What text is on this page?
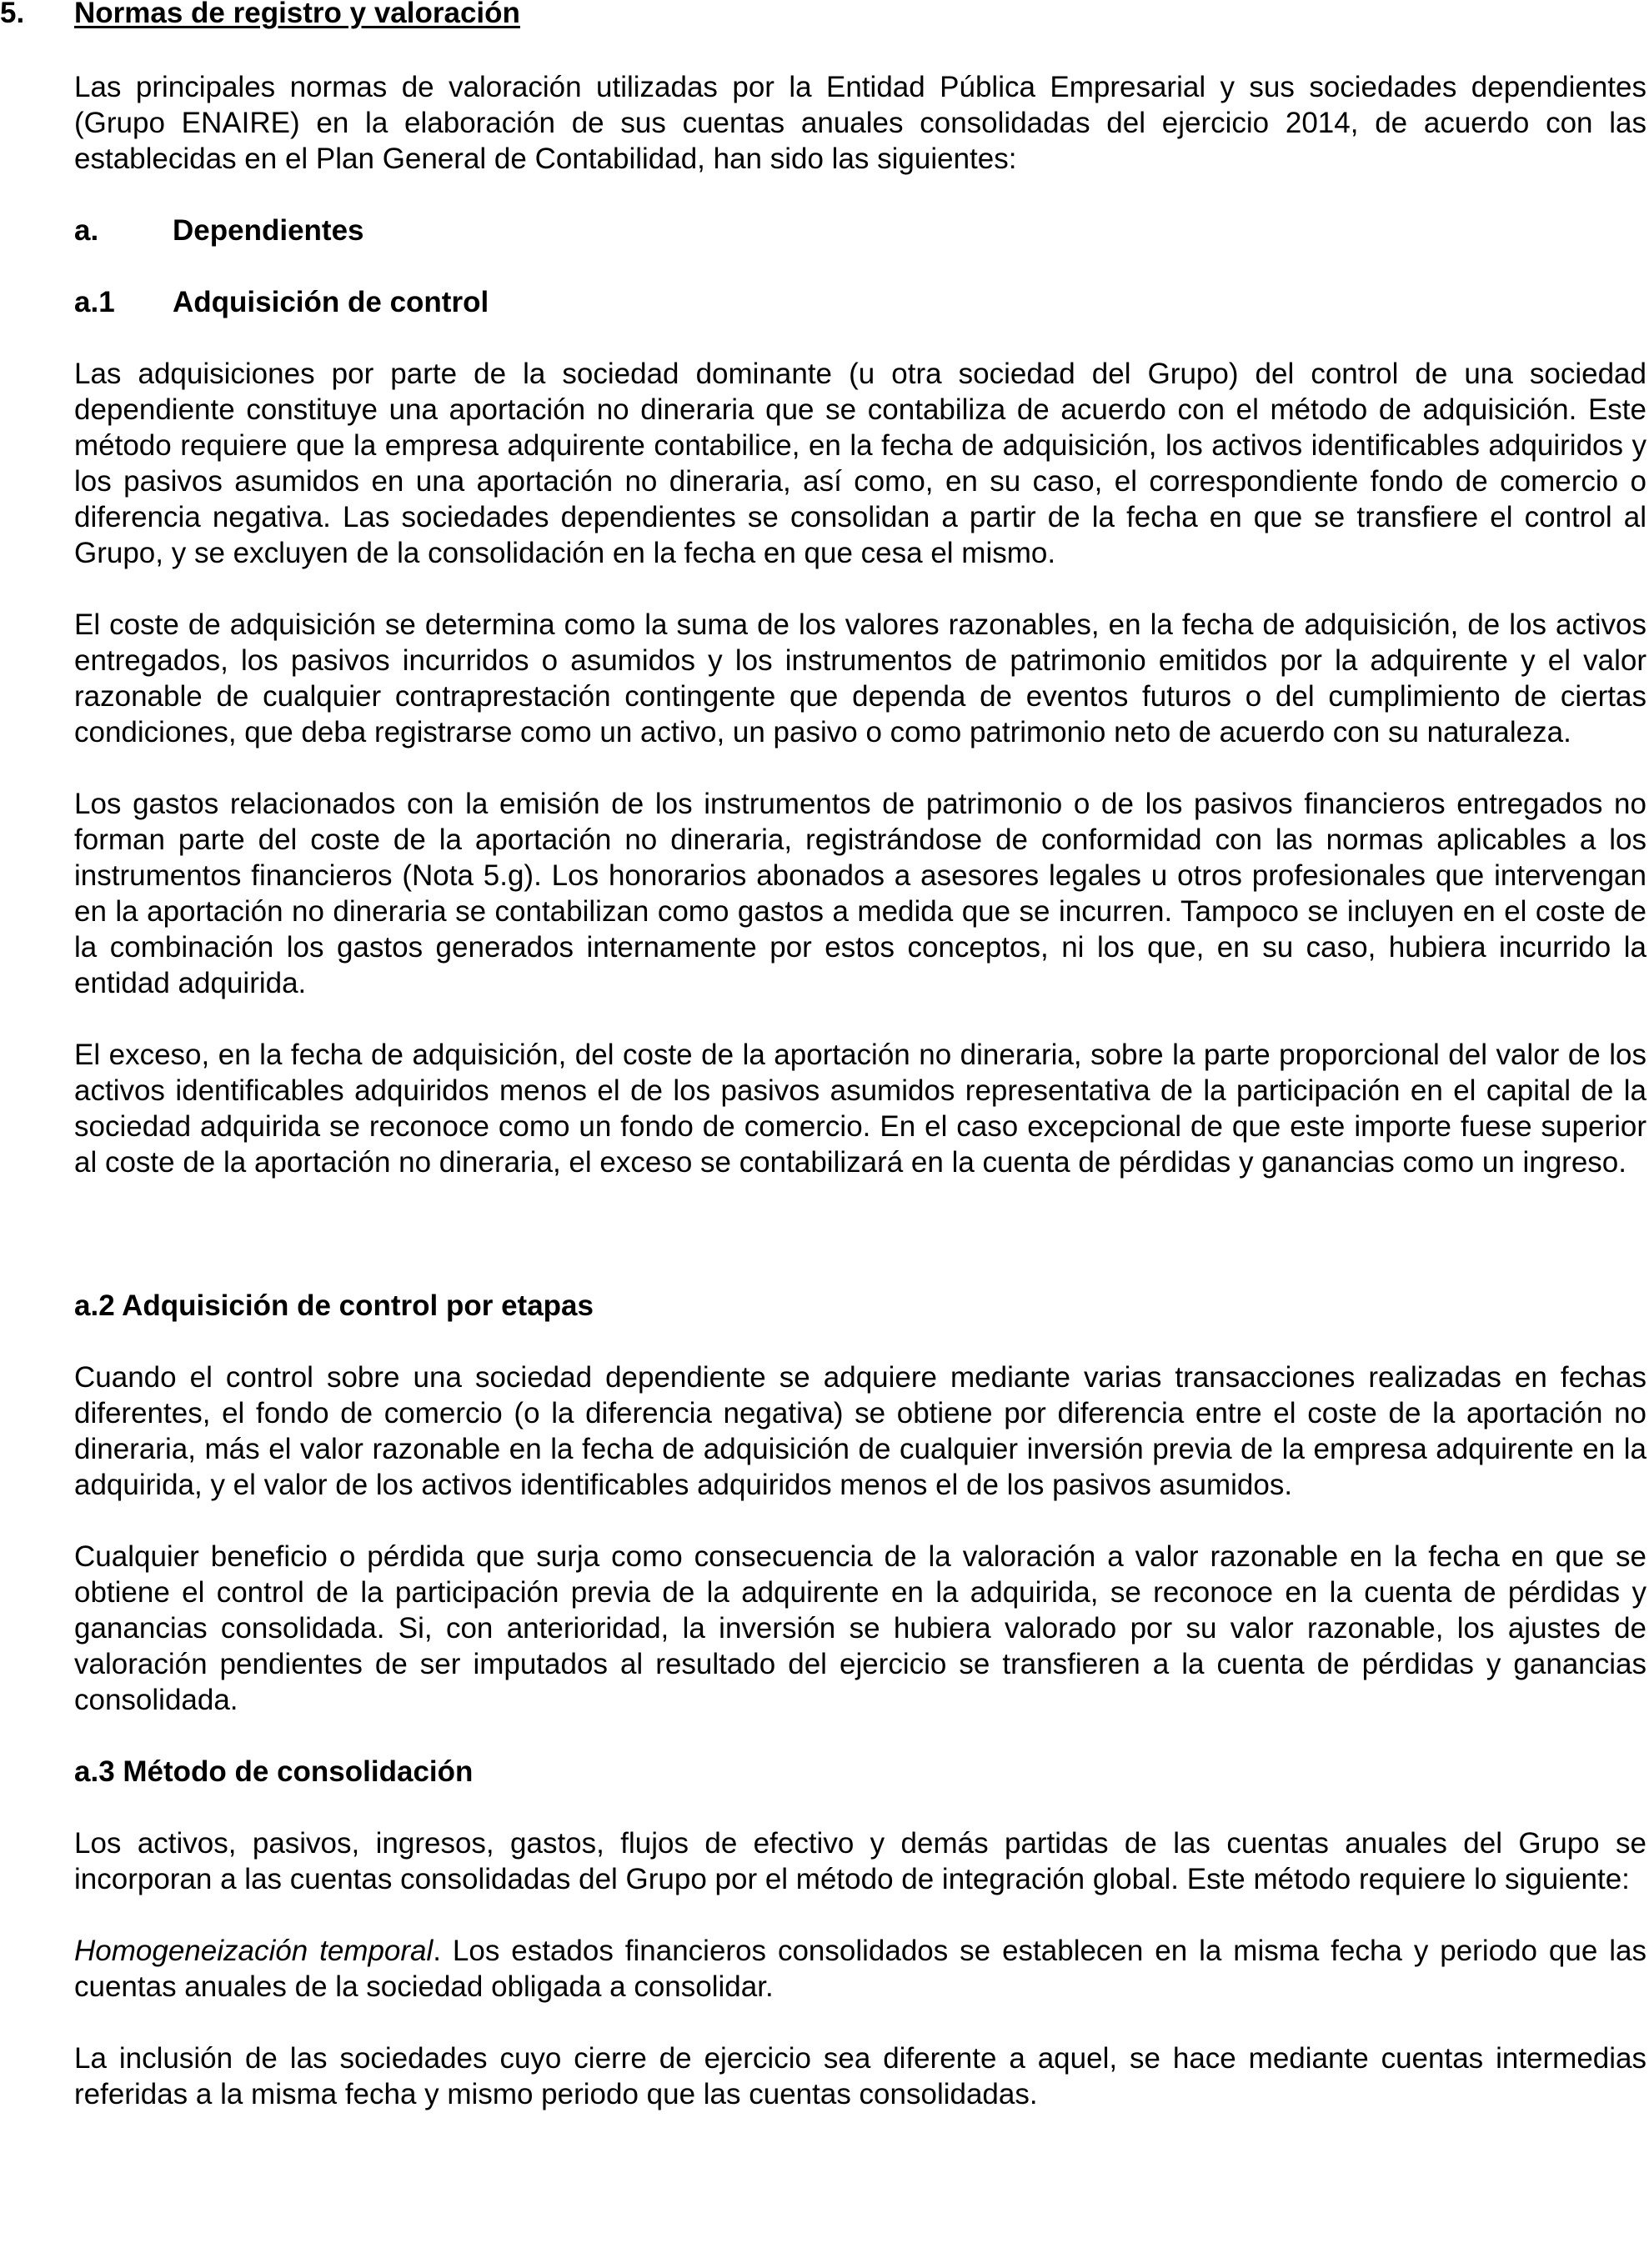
5. Normas de registro y valoración

Las principales normas de valoración utilizadas por la Entidad Pública Empresarial y sus sociedades dependientes (Grupo ENAIRE) en la elaboración de sus cuentas anuales consolidadas del ejercicio 2014, de acuerdo con las establecidas en el Plan General de Contabilidad, han sido las siguientes:

a.	Dependientes
a.1 Adquisición de control

Las adquisiciones por parte de la sociedad dominante (u otra sociedad del Grupo) del control de una sociedad dependiente constituye una aportación no dineraria que se contabiliza de acuerdo con el método de adquisición. Este método requiere que la empresa adquirente contabilice, en la fecha de adquisición, los activos identificables adquiridos y los pasivos asumidos en una aportación no dineraria, así como, en su caso, el correspondiente fondo de comercio o diferencia negativa. Las sociedades dependientes se consolidan a partir de la fecha en que se transfiere el control al Grupo, y se excluyen de la consolidación en la fecha en que cesa el mismo.

El coste de adquisición se determina como la suma de los valores razonables, en la fecha de adquisición, de los activos entregados, los pasivos incurridos o asumidos y los instrumentos de patrimonio emitidos por la adquirente y el valor razonable de cualquier contraprestación contingente que dependa de eventos futuros o del cumplimiento de ciertas condiciones, que deba registrarse como un activo, un pasivo o como patrimonio neto de acuerdo con su naturaleza.

Los gastos relacionados con la emisión de los instrumentos de patrimonio o de los pasivos financieros entregados no forman parte del coste de la aportación no dineraria, registrándose de conformidad con las normas aplicables a los instrumentos financieros (Nota 5.g). Los honorarios abonados a asesores legales u otros profesionales que intervengan en la aportación no dineraria se contabilizan como gastos a medida que se incurren. Tampoco se incluyen en el coste de la combinación los gastos generados internamente por estos conceptos, ni los que, en su caso, hubiera incurrido la entidad adquirida.

El exceso, en la fecha de adquisición, del coste de la aportación no dineraria, sobre la parte proporcional del valor de los activos identificables adquiridos menos el de los pasivos asumidos representativa de la participación en el capital de la sociedad adquirida se reconoce como un fondo de comercio. En el caso excepcional de que este importe fuese superior al coste de la aportación no dineraria, el exceso se contabilizará en la cuenta de pérdidas y ganancias como un ingreso.

a.2 Adquisición de control por etapas

Cuando el control sobre una sociedad dependiente se adquiere mediante varias transacciones realizadas en fechas diferentes, el fondo de comercio (o la diferencia negativa) se obtiene por diferencia entre el coste de la aportación no dineraria, más el valor razonable en la fecha de adquisición de cualquier inversión previa de la empresa adquirente en la adquirida, y el valor de los activos identificables adquiridos menos el de los pasivos asumidos.

Cualquier beneficio o pérdida que surja como consecuencia de la valoración a valor razonable en la fecha en que se obtiene el control de la participación previa de la adquirente en la adquirida, se reconoce en la cuenta de pérdidas y ganancias consolidada. Si, con anterioridad, la inversión se hubiera valorado por su valor razonable, los ajustes de valoración pendientes de ser imputados al resultado del ejercicio se transfieren a la cuenta de pérdidas y ganancias consolidada.

a.3 Método de consolidación

Los activos, pasivos, ingresos, gastos, flujos de efectivo y demás partidas de las cuentas anuales del Grupo se incorporan a las cuentas consolidadas del Grupo por el método de integración global. Este método requiere lo siguiente:

Homogeneización temporal. Los estados financieros consolidados se establecen en la misma fecha y periodo que las cuentas anuales de la sociedad obligada a consolidar.

La inclusión de las sociedades cuyo cierre de ejercicio sea diferente a aquel, se hace mediante cuentas intermedias referidas a la misma fecha y mismo periodo que las cuentas consolidadas.
